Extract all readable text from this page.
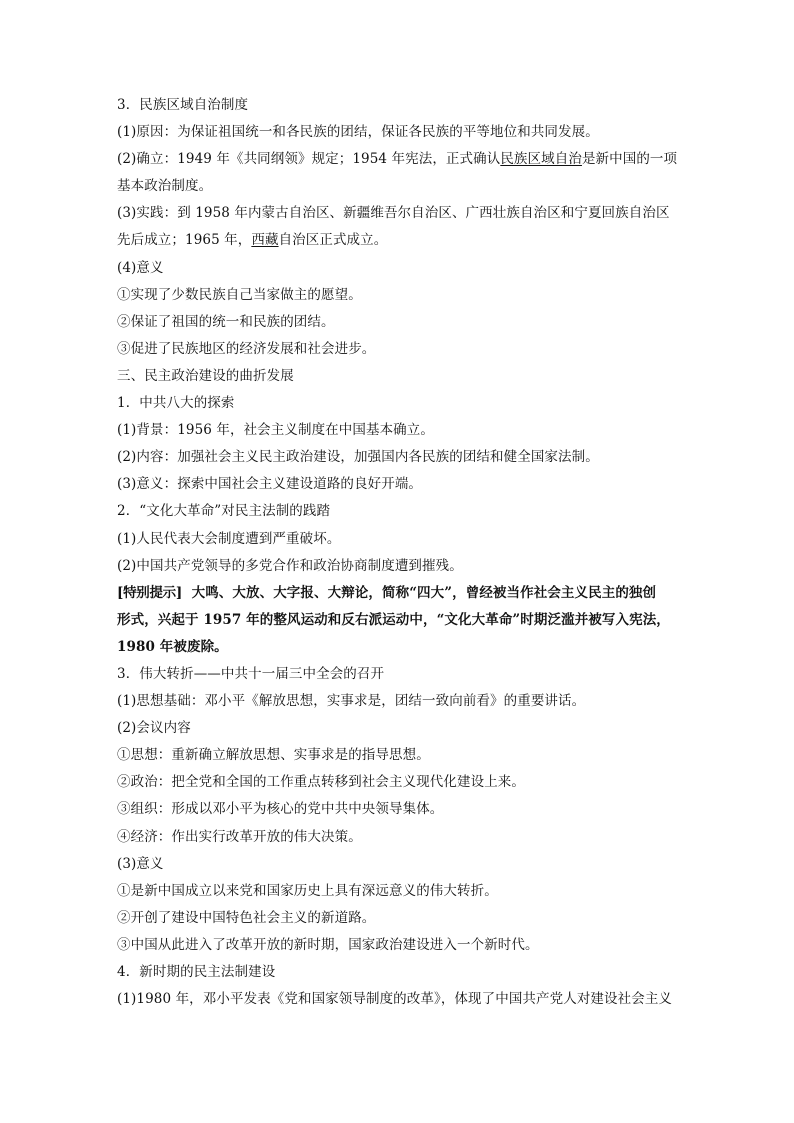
3．民族区域自治制度
(1)原因：为保证祖国统一和各民族的团结，保证各民族的平等地位和共同发展。
(2)确立：1949 年《共同纲领》规定；1954 年宪法，正式确认民族区域自治是新中国的一项
基本政治制度。
(3)实践：到 1958 年内蒙古自治区、新疆维吾尔自治区、广西壮族自治区和宁夏回族自治区
先后成立；1965 年，西藏自治区正式成立。
(4)意义
①实现了少数民族自己当家做主的愿望。
②保证了祖国的统一和民族的团结。
③促进了民族地区的经济发展和社会进步。
三、民主政治建设的曲折发展
1．中共八大的探索
(1)背景：1956 年，社会主义制度在中国基本确立。
(2)内容：加强社会主义民主政治建设，加强国内各民族的团结和健全国家法制。
(3)意义：探索中国社会主义建设道路的良好开端。
2．“文化大革命”对民主法制的践踏
(1)人民代表大会制度遭到严重破坏。
(2)中国共产党领导的多党合作和政治协商制度遭到摧残。
[特别提示] 大鸣、大放、大字报、大辩论，简称“四大”，曾经被当作社会主义民主的独创
形式，兴起于 1957 年的整风运动和反右派运动中，“文化大革命”时期泛滥并被写入宪法，
1980 年被废除。
3．伟大转折——中共十一届三中全会的召开
(1)思想基础：邓小平《解放思想，实事求是，团结一致向前看》的重要讲话。
(2)会议内容
①思想：重新确立解放思想、实事求是的指导思想。
②政治：把全党和全国的工作重点转移到社会主义现代化建设上来。
③组织：形成以邓小平为核心的党中共中央领导集体。
④经济：作出实行改革开放的伟大决策。
(3)意义
①是新中国成立以来党和国家历史上具有深远意义的伟大转折。
②开创了建设中国特色社会主义的新道路。
③中国从此进入了改革开放的新时期，国家政治建设进入一个新时代。
4．新时期的民主法制建设
(1)1980 年，邓小平发表《党和国家领导制度的改革》，体现了中国共产党人对建设社会主义
